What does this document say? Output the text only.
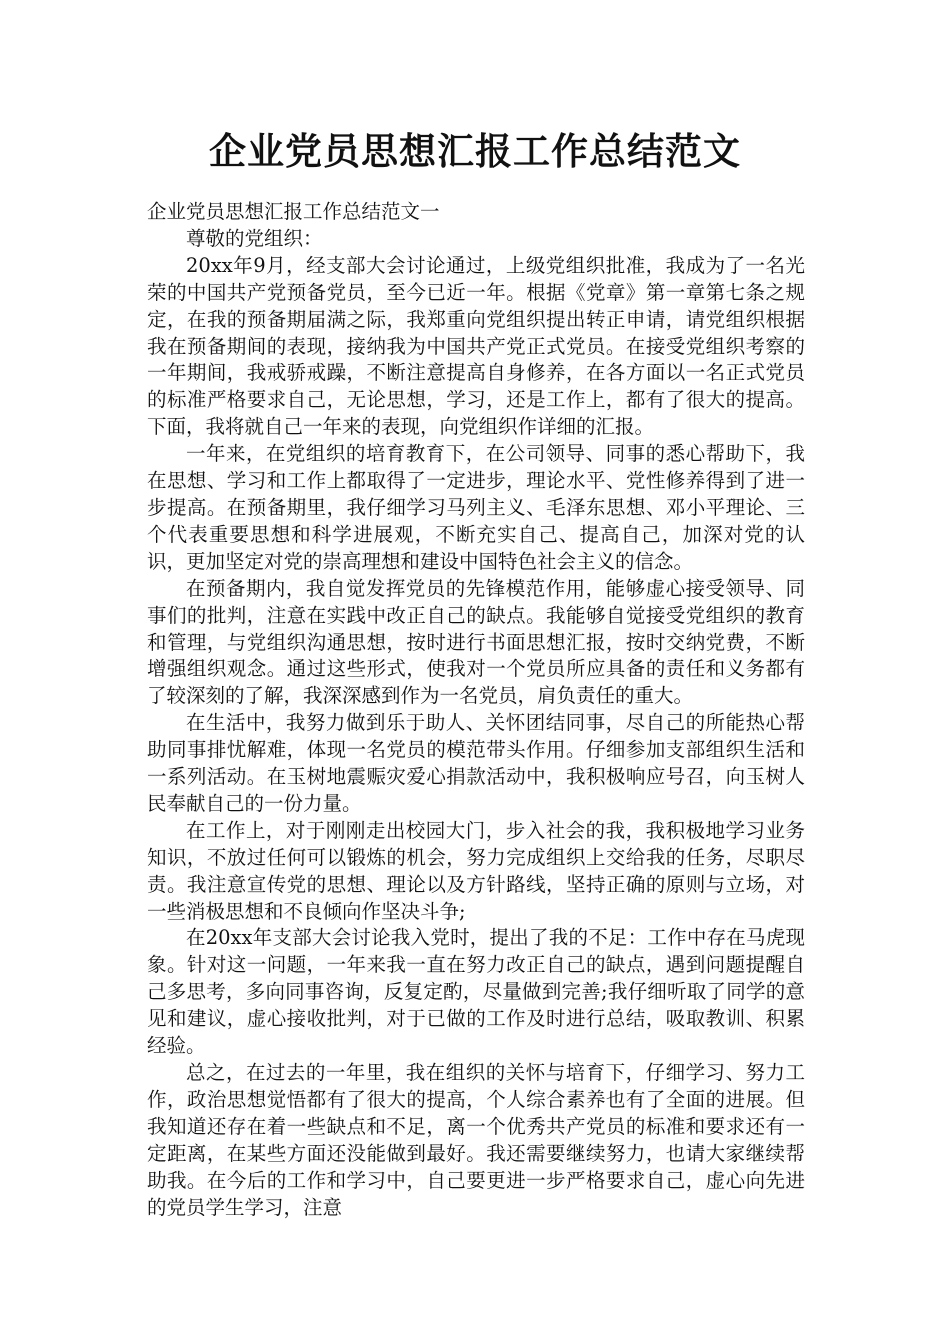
企业党员思想汇报工作总结范文

企业党员思想汇报工作总结范文一

尊敬的党组织：

20xx年9月，经支部大会讨论通过，上级党组织批准，我成为了一名光荣的中国共产党预备党员，至今已近一年。根据《党章》第一章第七条之规定，在我的预备期届满之际，我郑重向党组织提出转正申请，请党组织根据我在预备期间的表现，接纳我为中国共产党正式党员。在接受党组织考察的一年期间，我戒骄戒躁，不断注意提高自身修养，在各方面以一名正式党员的标准严格要求自己，无论思想，学习，还是工作上，都有了很大的提高。下面，我将就自己一年来的表现，向党组织作详细的汇报。

一年来，在党组织的培育教育下，在公司领导、同事的悉心帮助下，我在思想、学习和工作上都取得了一定进步，理论水平、党性修养得到了进一步提高。在预备期里，我仔细学习马列主义、毛泽东思想、邓小平理论、三个代表重要思想和科学进展观，不断充实自己、提高自己，加深对党的认识，更加坚定对党的崇高理想和建设中国特色社会主义的信念。

在预备期内，我自觉发挥党员的先锋模范作用，能够虚心接受领导、同事们的批判，注意在实践中改正自己的缺点。我能够自觉接受党组织的教育和管理，与党组织沟通思想，按时进行书面思想汇报，按时交纳党费，不断增强组织观念。通过这些形式，使我对一个党员所应具备的责任和义务都有了较深刻的了解，我深深感到作为一名党员，肩负责任的重大。

在生活中，我努力做到乐于助人、关怀团结同事，尽自己的所能热心帮助同事排忧解难，体现一名党员的模范带头作用。仔细参加支部组织生活和一系列活动。在玉树地震赈灾爱心捐款活动中，我积极响应号召，向玉树人民奉献自己的一份力量。

在工作上，对于刚刚走出校园大门，步入社会的我，我积极地学习业务知识，不放过任何可以锻炼的机会，努力完成组织上交给我的任务，尽职尽责。我注意宣传党的思想、理论以及方针路线，坚持正确的原则与立场，对一些消极思想和不良倾向作坚决斗争;

在20xx年支部大会讨论我入党时，提出了我的不足：工作中存在马虎现象。针对这一问题，一年来我一直在努力改正自己的缺点，遇到问题提醒自己多思考，多向同事咨询，反复定酌，尽量做到完善;我仔细听取了同学的意见和建议，虚心接收批判，对于已做的工作及时进行总结，吸取教训、积累经验。

总之，在过去的一年里，我在组织的关怀与培育下，仔细学习、努力工作，政治思想觉悟都有了很大的提高，个人综合素养也有了全面的进展。但我知道还存在着一些缺点和不足，离一个优秀共产党员的标准和要求还有一定距离，在某些方面还没能做到最好。我还需要继续努力，也请大家继续帮助我。在今后的工作和学习中，自己要更进一步严格要求自己，虚心向先进的党员学生学习，注意
